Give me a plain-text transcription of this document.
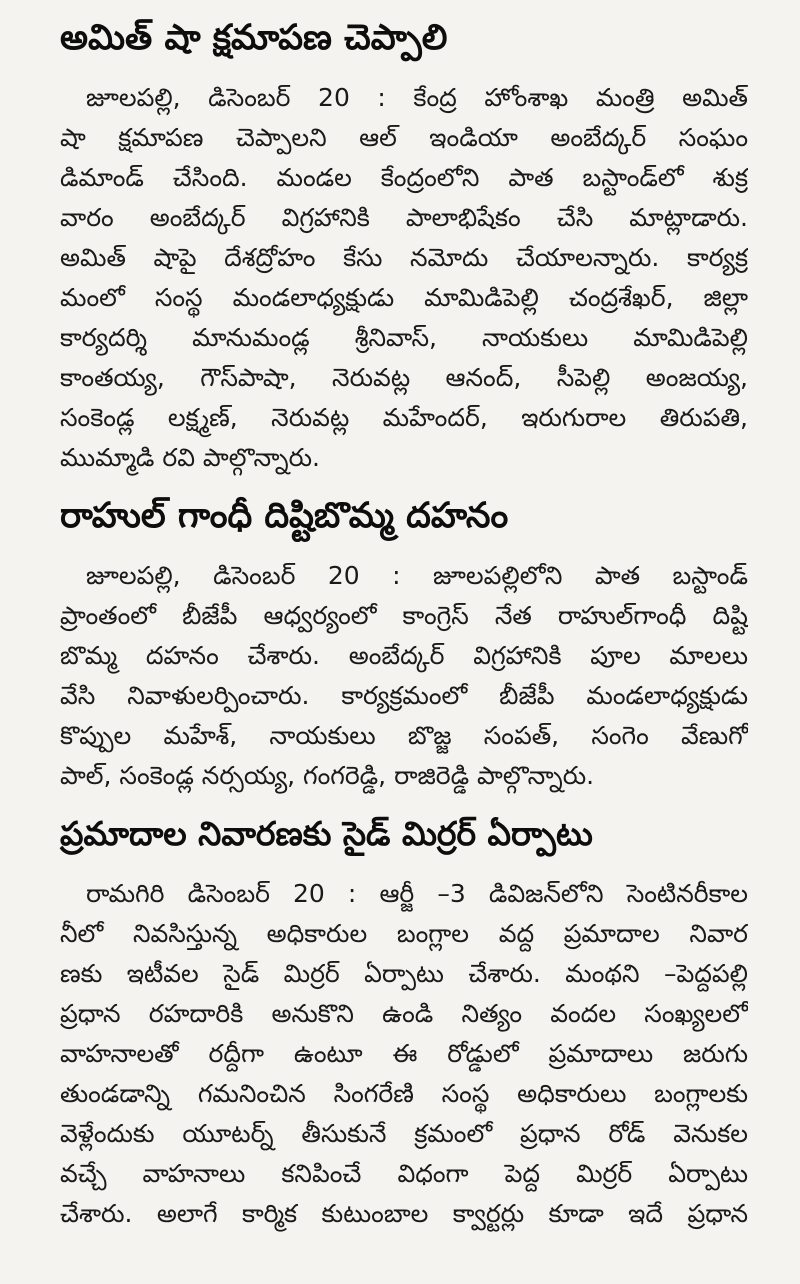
అమిత్ షా క్షమాపణ చెప్పాలి
జూలపల్లి, డిసెంబర్ 20 : కేంద్ర హోంశాఖ మంత్రి అమిత్
షా క్షమాపణ చెప్పాలని ఆల్ ఇండియా అంబేద్కర్ సంఘం
డిమాండ్ చేసింది. మండల కేంద్రంలోని పాత బస్టాండ్‌లో శుక్ర
వారం అంబేద్కర్ విగ్రహానికి పాలాభిషేకం చేసి మాట్లాడారు.
అమిత్ షాపై దేశద్రోహం కేసు నమోదు చేయాలన్నారు. కార్యక్ర
మంలో సంస్థ మండలాధ్యక్షుడు మామిడిపెల్లి చంద్రశేఖర్, జిల్లా
కార్యదర్శి మానుమండ్ల శ్రీనివాస్, నాయకులు మామిడిపెల్లి
కాంతయ్య, గౌస్‌పాషా, నెరువట్ల ఆనంద్, సీపెల్లి అంజయ్య,
సంకెండ్ల లక్ష్మణ్, నెరువట్ల మహేందర్, ఇరుగురాల తిరుపతి,
ముమ్మాడి రవి పాల్గొన్నారు.
రాహుల్ గాంధీ దిష్టిబొమ్మ దహనం
జూలపల్లి, డిసెంబర్ 20 : జూలపల్లిలోని పాత బస్టాండ్
ప్రాంతంలో బీజేపీ ఆధ్వర్యంలో కాంగ్రెస్ నేత రాహుల్‌గాంధీ దిష్టి
బొమ్మ దహనం చేశారు. అంబేద్కర్ విగ్రహానికి పూల మాలలు
వేసి నివాళులర్పించారు. కార్యక్రమంలో బీజేపీ మండలాధ్యక్షుడు
కొప్పుల మహేశ్, నాయకులు బొజ్జ సంపత్, సంగెం వేణుగో
పాల్, సంకెండ్ల నర్సయ్య, గంగరెడ్డి, రాజిరెడ్డి పాల్గొన్నారు.
ప్రమాదాల నివారణకు సైడ్ మిర్రర్ ఏర్పాటు
రామగిరి డిసెంబర్ 20 : ఆర్జీ –3 డివిజన్‌లోని సెంటినరీకాల
నీలో నివసిస్తున్న అధికారుల బంగ్లాల వద్ద ప్రమాదాల నివార
ణకు ఇటీవల సైడ్ మిర్రర్ ఏర్పాటు చేశారు. మంథని –పెద్దపల్లి
ప్రధాన రహదారికి అనుకొని ఉండి నిత్యం వందల సంఖ్యలలో
వాహనాలతో రద్దీగా ఉంటూ ఈ రోడ్డులో ప్రమాదాలు జరుగు
తుండడాన్ని గమనించిన సింగరేణి సంస్థ అధికారులు బంగ్లాలకు
వెళ్లేందుకు యూటర్న్ తీసుకునే క్రమంలో ప్రధాన రోడ్ వెనుకల
వచ్చే వాహనాలు కనిపించే విధంగా పెద్ద మిర్రర్ ఏర్పాటు
చేశారు. అలాగే కార్మిక కుటుంబాల క్వార్టర్లు కూడా ఇదే ప్రధాన
